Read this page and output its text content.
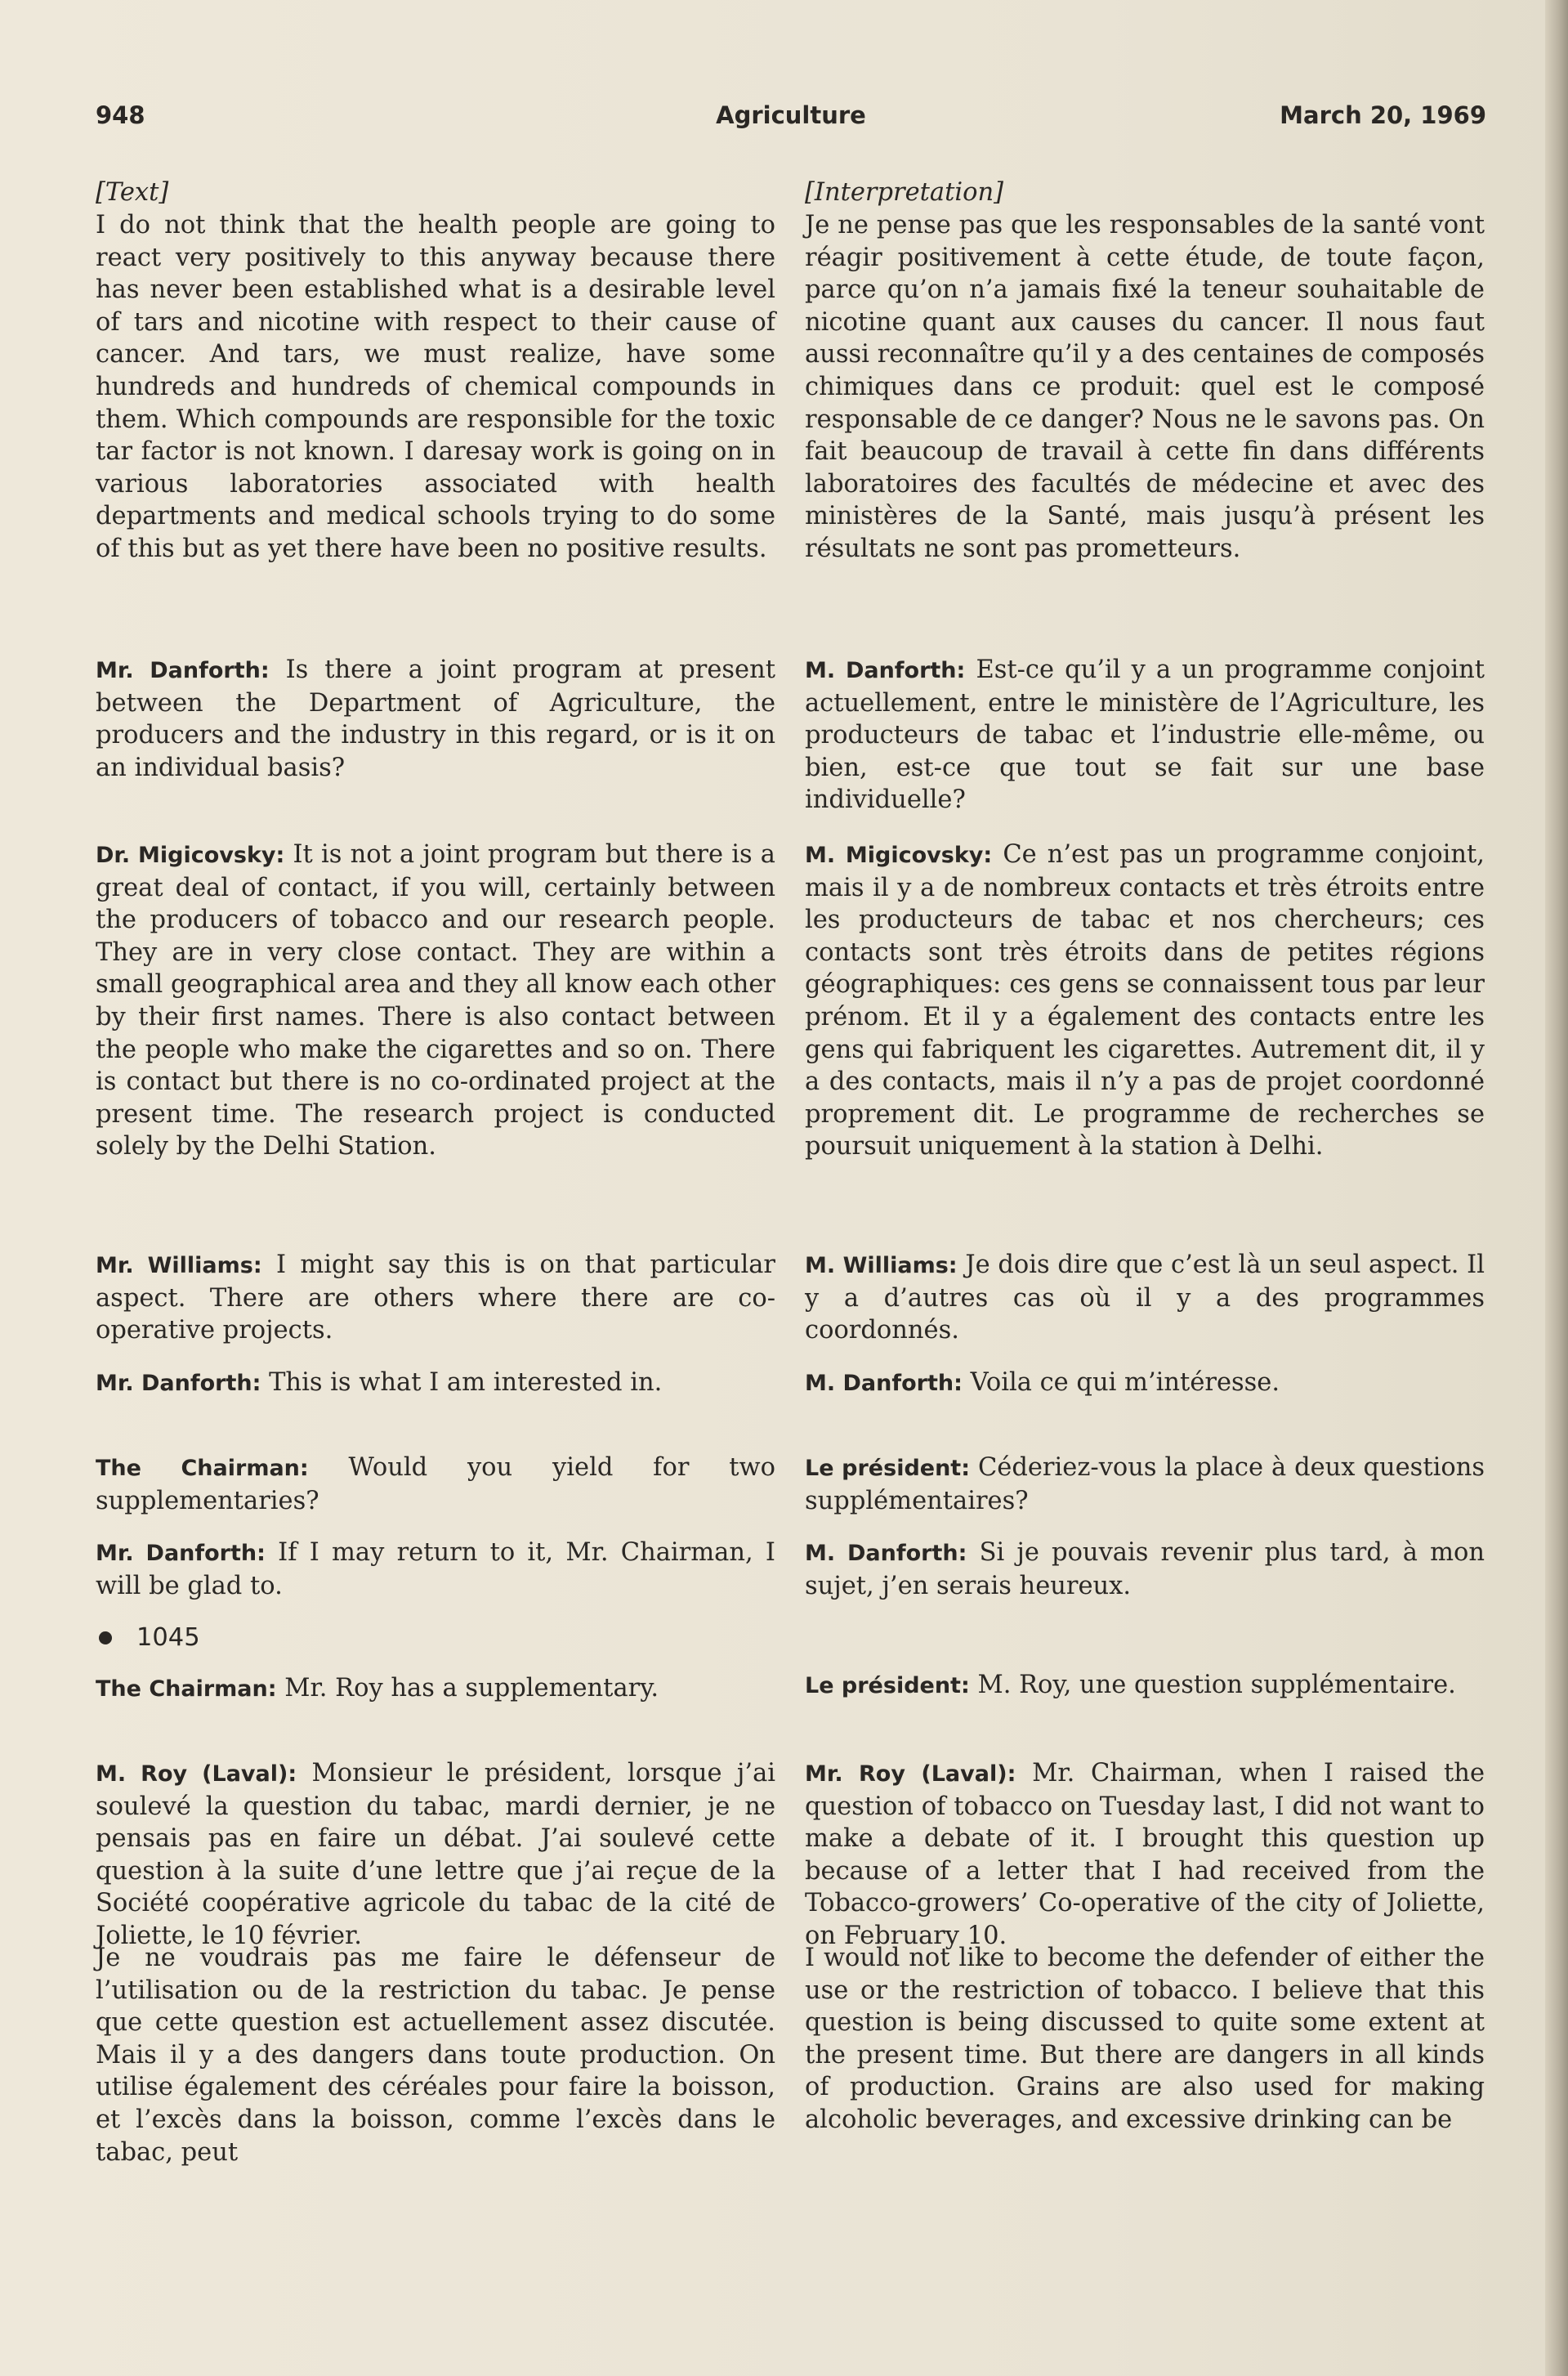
948	Agriculture	March 20, 1969

[Text]

I do not think that the health people are going to react very positively to this anyway because there has never been established what is a desirable level of tars and nicotine with respect to their cause of cancer. And tars, we must realize, have some hundreds and hundreds of chemical compounds in them. Which compounds are responsible for the toxic tar factor is not known. I daresay work is going on in various laboratories associated with health departments and medical schools trying to do some of this but as yet there have been no positive results.

Mr. Danforth: Is there a joint program at present between the Department of Agriculture, the producers and the industry in this regard, or is it on an individual basis?

Dr. Migicovsky: It is not a joint program but there is a great deal of contact, if you will, certainly between the producers of tobacco and our research people. They are in very close contact. They are within a small geographical area and they all know each other by their first names. There is also contact between the people who make the cigarettes and so on. There is contact but there is no co-ordinated project at the present time. The research project is conducted solely by the Delhi Station.

Mr. Williams: I might say this is on that particular aspect. There are others where there are co-operative projects.

Mr. Danforth: This is what I am interested in.

The Chairman: Would you yield for two supplementaries?

Mr. Danforth: If I may return to it, Mr. Chairman, I will be glad to.

1045

The Chairman: Mr. Roy has a supplementary.

M. Roy (Laval): Monsieur le président, lorsque j’ai soulevé la question du tabac, mardi dernier, je ne pensais pas en faire un débat. J’ai soulevé cette question à la suite d’une lettre que j’ai reçue de la Société coopérative agricole du tabac de la cité de Joliette, le 10 février.

Je ne voudrais pas me faire le défenseur de l’utilisation ou de la restriction du tabac. Je pense que cette question est actuellement assez discutée. Mais il y a des dangers dans toute production. On utilise également des céréales pour faire la boisson, et l’excès dans la boisson, comme l’excès dans le tabac, peut

[Interpretation]

Je ne pense pas que les responsables de la santé vont réagir positivement à cette étude, de toute façon, parce qu’on n’a jamais fixé la teneur souhaitable de nicotine quant aux causes du cancer. Il nous faut aussi reconnaître qu’il y a des centaines de composés chimiques dans ce produit: quel est le composé responsable de ce danger? Nous ne le savons pas. On fait beaucoup de travail à cette fin dans différents laboratoires des facultés de médecine et avec des ministères de la Santé, mais jusqu’à présent les résultats ne sont pas prometteurs.

M. Danforth: Est-ce qu’il y a un programme conjoint actuellement, entre le ministère de l’Agriculture, les producteurs de tabac et l’industrie elle-même, ou bien, est-ce que tout se fait sur une base individuelle?

M. Migicovsky: Ce n’est pas un programme conjoint, mais il y a de nombreux contacts et très étroits entre les producteurs de tabac et nos chercheurs; ces contacts sont très étroits dans de petites régions géographiques: ces gens se connaissent tous par leur prénom. Et il y a également des contacts entre les gens qui fabriquent les cigarettes. Autrement dit, il y a des contacts, mais il n’y a pas de projet coordonné proprement dit. Le programme de recherches se poursuit uniquement à la station à Delhi.

M. Williams: Je dois dire que c’est là un seul aspect. Il y a d’autres cas où il y a des programmes coordonnés.

M. Danforth: Voila ce qui m’intéresse.

Le président: Céderiez-vous la place à deux questions supplémentaires?

M. Danforth: Si je pouvais revenir plus tard, à mon sujet, j’en serais heureux.

Le président: M. Roy, une question supplémentaire.

Mr. Roy (Laval): Mr. Chairman, when I raised the question of tobacco on Tuesday last, I did not want to make a debate of it. I brought this question up because of a letter that I had received from the Tobacco-growers’ Co-operative of the city of Joliette, on February 10.

I would not like to become the defender of either the use or the restriction of tobacco. I believe that this question is being discussed to quite some extent at the present time. But there are dangers in all kinds of production. Grains are also used for making alcoholic beverages, and excessive drinking can be
